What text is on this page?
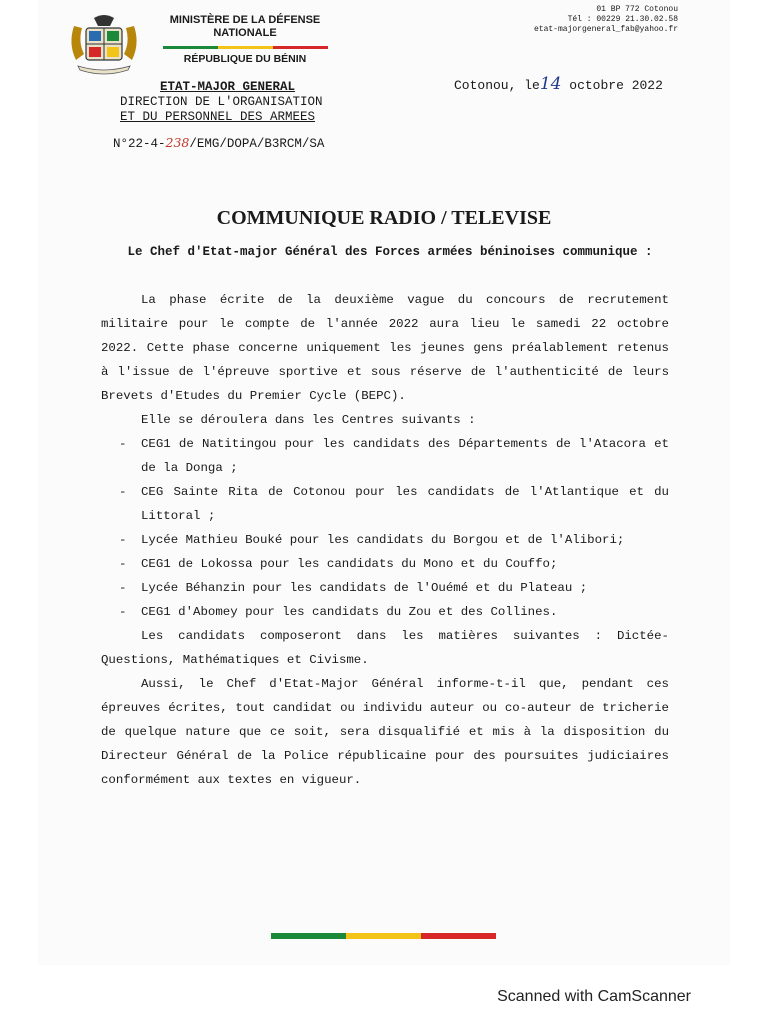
MINISTÈRE DE LA DÉFENSE
NATIONALE
RÉPUBLIQUE DU BÉNIN
01 BP 772 Cotonou
Tél : 00229 21.30.02.58
etat-majorgeneral_fab@yahoo.fr
Cotonou, le14 octobre 2022
ETAT-MAJOR GENERAL
DIRECTION DE L'ORGANISATION
ET DU PERSONNEL DES ARMEES
N°22-4-238/EMG/DOPA/B3RCM/SA
COMMUNIQUE RADIO / TELEVISE
Le Chef d'Etat-major Général des Forces armées béninoises communique :

La phase écrite de la deuxième vague du concours de recrutement militaire pour le compte de l'année 2022 aura lieu le samedi 22 octobre 2022. Cette phase concerne uniquement les jeunes gens préalablement retenus à l'issue de l'épreuve sportive et sous réserve de l'authenticité de leurs Brevets d'Etudes du Premier Cycle (BEPC).

Elle se déroulera dans les Centres suivants :

- CEG1 de Natitingou pour les candidats des Départements de l'Atacora et de la Donga ;
- CEG Sainte Rita de Cotonou pour les candidats de l'Atlantique et du Littoral ;
- Lycée Mathieu Bouké pour les candidats du Borgou et de l'Alibori;
- CEG1 de Lokossa pour les candidats du Mono et du Couffo;
- Lycée Béhanzin pour les candidats de l'Ouémé et du Plateau ;
- CEG1 d'Abomey pour les candidats du Zou et des Collines.

Les candidats composeront dans les matières suivantes : Dictée-Questions, Mathématiques et Civisme.

Aussi, le Chef d'Etat-Major Général informe-t-il que, pendant ces épreuves écrites, tout candidat ou individu auteur ou co-auteur de tricherie de quelque nature que ce soit, sera disqualifié et mis à la disposition du Directeur Général de la Police républicaine pour des poursuites judiciaires conformément aux textes en vigueur.

Scanned with CamScanner
